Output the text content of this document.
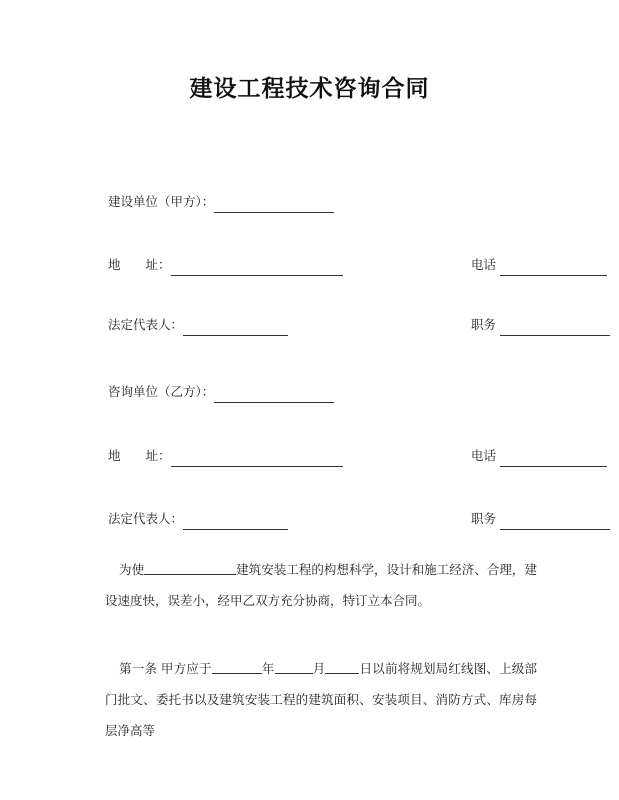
建设工程技术咨询合同
建设单位（甲方）：
地　　址：	电话
法定代表人：	职务
咨询单位（乙方）：
地　　址：	电话
法定代表人：	职务
为使	建筑安装工程的构想科学，设计和施工经济、合理，建设速度快，误差小，经甲乙双方充分协商，特订立本合同。
第一条 甲方应于	年	月	日以前将规划局红线图、上级部门批文、委托书以及建筑安装工程的建筑面积、安装项目、消防方式、库房每层净高等
